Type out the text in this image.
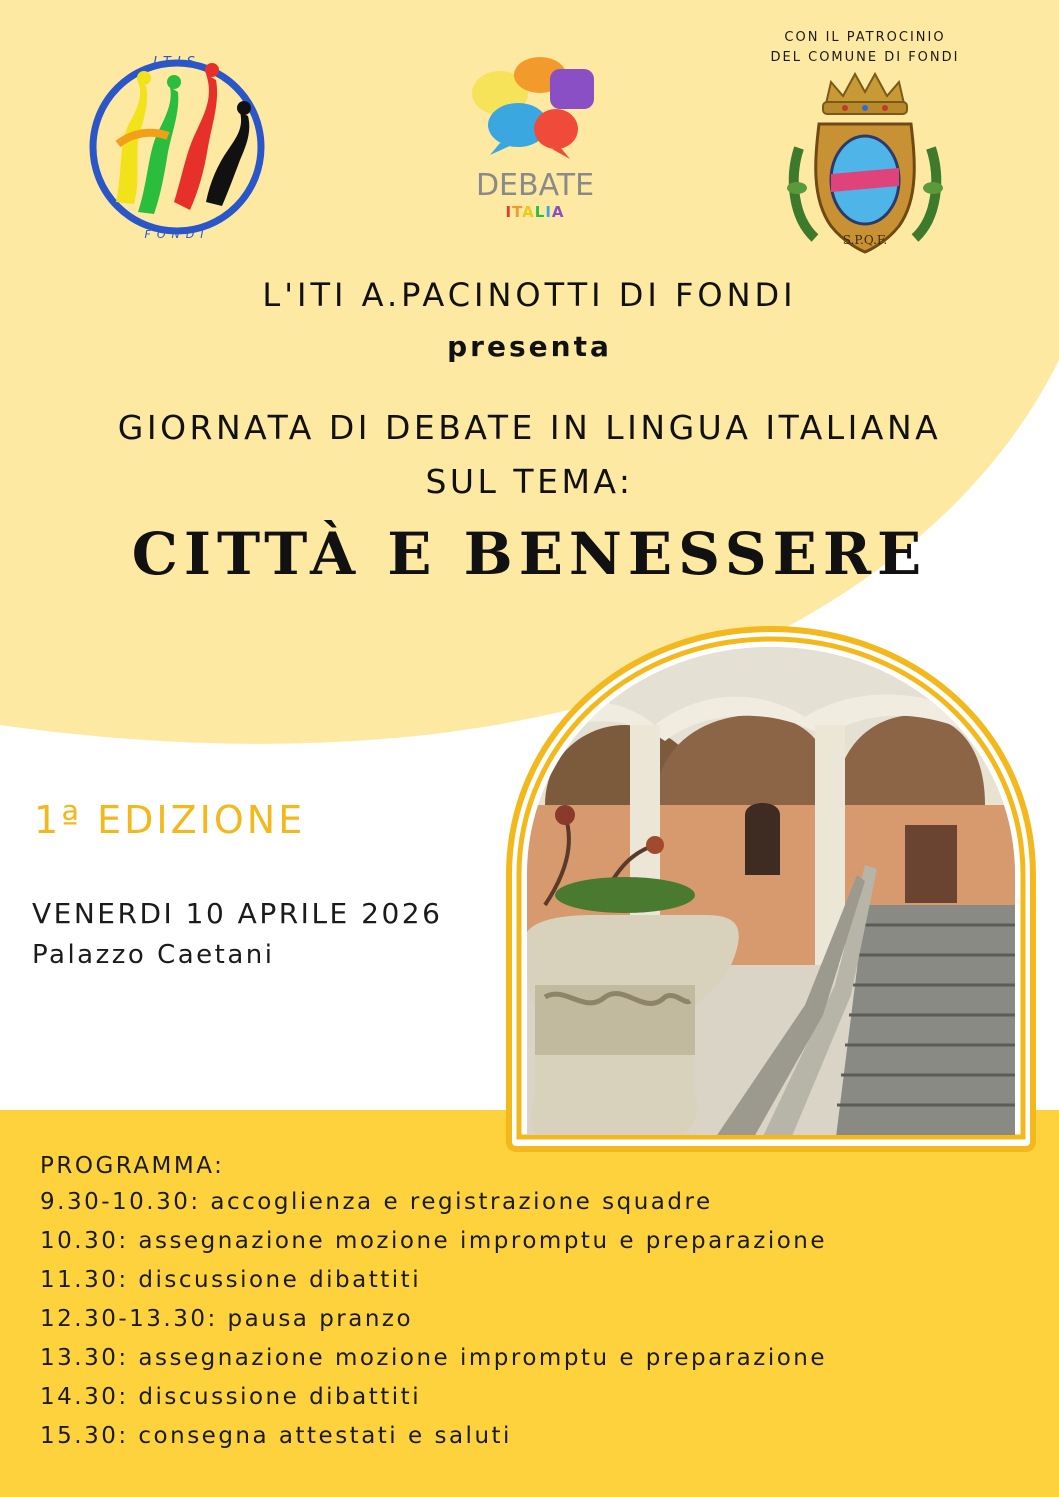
CON IL PATROCINIO
DEL COMUNE DI FONDI
ITIS
FONDI
DEBATE
ITALIA
S.P.Q.F.
L'ITI A.PACINOTTI DI FONDI
presenta
GIORNATA DI DEBATE IN LINGUA ITALIANA
SUL TEMA:
CITTÀ E BENESSERE
1ª EDIZIONE
VENERDI 10 APRILE 2026
Palazzo Caetani
PROGRAMMA:
9.30-10.30: accoglienza e registrazione squadre
10.30: assegnazione mozione impromptu e preparazione
11.30: discussione dibattiti
12.30-13.30: pausa pranzo
13.30: assegnazione mozione impromptu e preparazione
14.30: discussione dibattiti
15.30: consegna attestati e saluti
